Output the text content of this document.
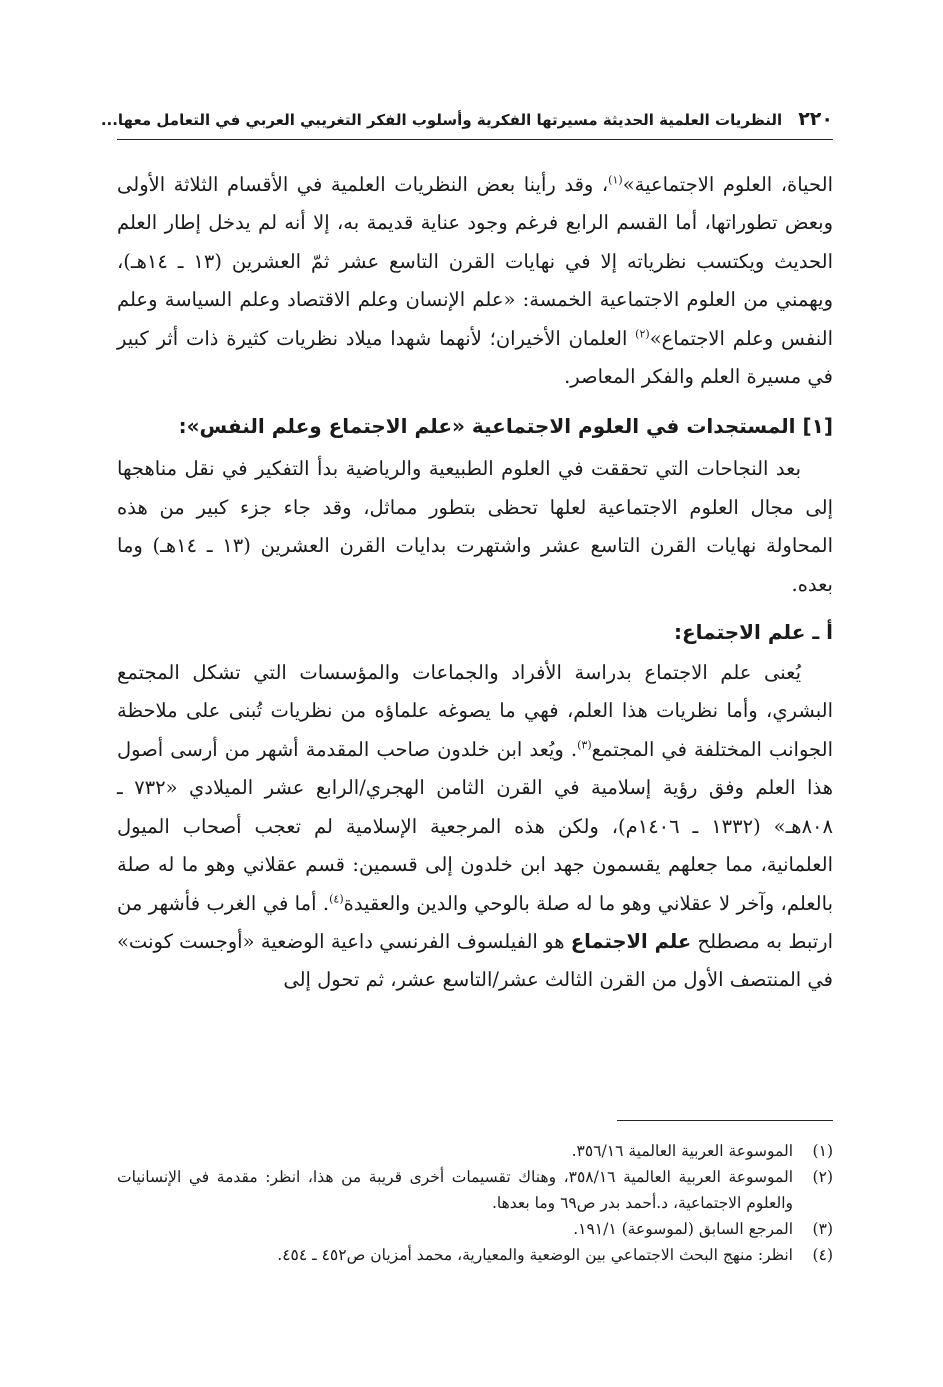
٢٢٠
النظريات العلمية الحديثة مسيرتها الفكرية وأسلوب الفكر التغريبي العربي في التعامل معها...

الحياة، العلوم الاجتماعية»$^{(١)}$، وقد رأينا بعض النظريات العلمية في الأقسام الثلاثة الأولى وبعض تطوراتها، أما القسم الرابع فرغم وجود عناية قديمة به، إلا أنه لم يدخل إطار العلم الحديث ويكتسب نظرياته إلا في نهايات القرن التاسع عشر ثمّ العشرين (١٣ ـ ١٤هـ)، ويهمني من العلوم الاجتماعية الخمسة: «علم الإنسان وعلم الاقتصاد وعلم السياسة وعلم النفس وعلم الاجتماع»$^{(٢)}$ العلمان الأخيران؛ لأنهما شهدا ميلاد نظريات كثيرة ذات أثر كبير في مسيرة العلم والفكر المعاصر.

[١] المستجدات في العلوم الاجتماعية «علم الاجتماع وعلم النفس»:

بعد النجاحات التي تحققت في العلوم الطبيعية والرياضية بدأ التفكير في نقل مناهجها إلى مجال العلوم الاجتماعية لعلها تحظى بتطور مماثل، وقد جاء جزء كبير من هذه المحاولة نهايات القرن التاسع عشر واشتهرت بدايات القرن العشرين (١٣ ـ ١٤هـ) وما بعده.

أ ـ علم الاجتماع:

يُعنى علم الاجتماع بدراسة الأفراد والجماعات والمؤسسات التي تشكل المجتمع البشري، وأما نظريات هذا العلم، فهي ما يصوغه علماؤه من نظريات تُبنى على ملاحظة الجوانب المختلفة في المجتمع$^{(٣)}$. ويُعد ابن خلدون صاحب المقدمة أشهر من أرسى أصول هذا العلم وفق رؤية إسلامية في القرن الثامن الهجري/الرابع عشر الميلادي «٧٣٢ ـ ٨٠٨هـ» (١٣٣٢ ـ ١٤٠٦م)، ولكن هذه المرجعية الإسلامية لم تعجب أصحاب الميول العلمانية، مما جعلهم يقسمون جهد ابن خلدون إلى قسمين: قسم عقلاني وهو ما له صلة بالعلم، وآخر لا عقلاني وهو ما له صلة بالوحي والدين والعقيدة$^{(٤)}$. أما في الغرب فأشهر من ارتبط به مصطلح علم الاجتماع هو الفيلسوف الفرنسي داعية الوضعية «أوجست كونت» في المنتصف الأول من القرن الثالث عشر/التاسع عشر، ثم تحول إلى

(١)
الموسوعة العربية العالمية ٣٥٦/١٦.
(٢)
الموسوعة العربية العالمية ٣٥٨/١٦، وهناك تقسيمات أخرى قريبة من هذا، انظر: مقدمة في الإنسانيات والعلوم الاجتماعية، د.أحمد بدر ص٦٩ وما بعدها.
(٣)
المرجع السابق (لموسوعة) ١٩١/١.
(٤)
انظر: منهج البحث الاجتماعي بين الوضعية والمعيارية، محمد أمزيان ص٤٥٢ ـ ٤٥٤.
